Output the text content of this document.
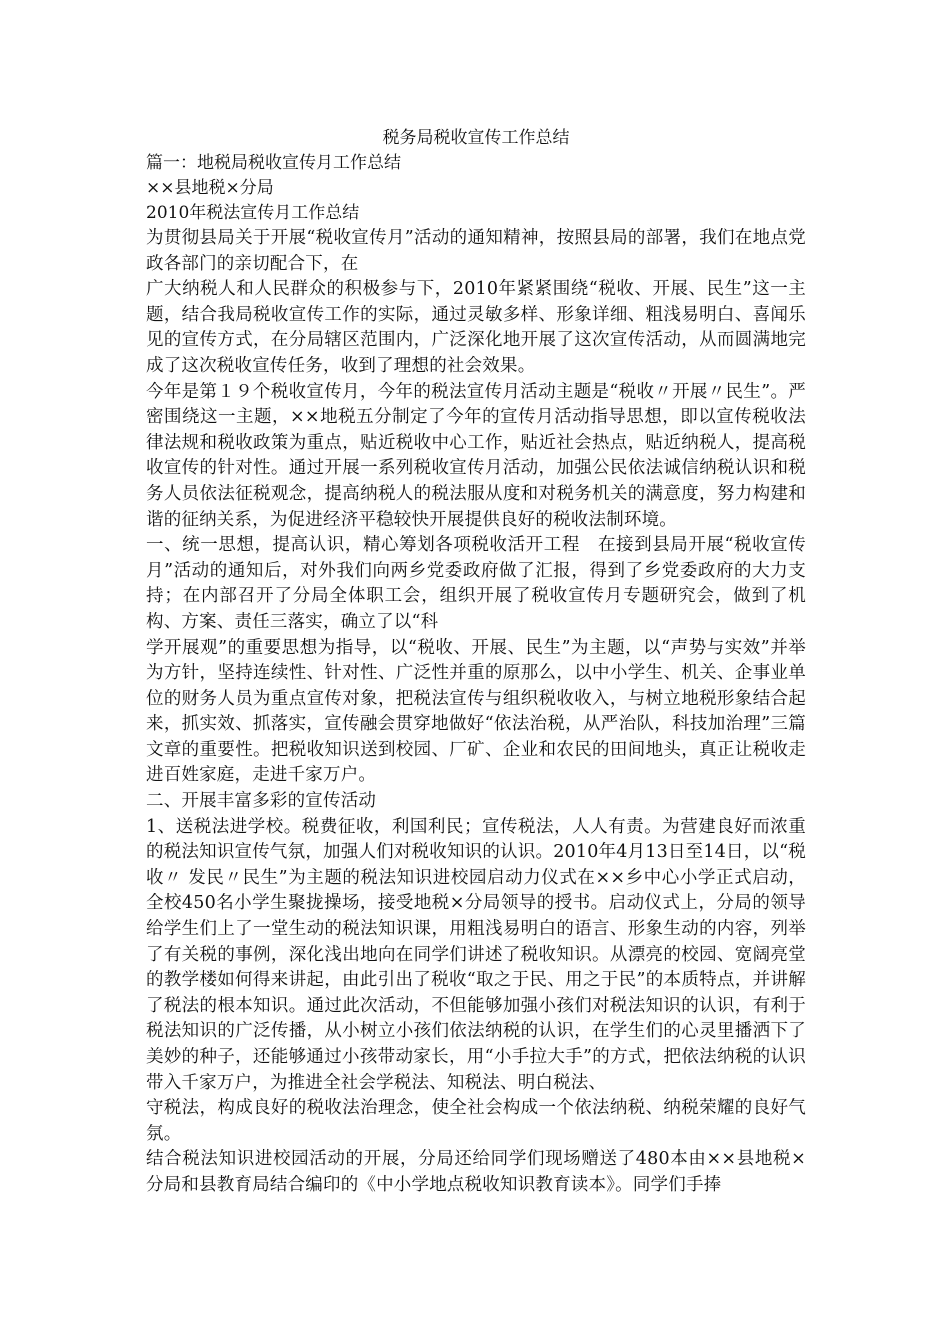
税务局税收宣传工作总结

篇一：地税局税收宣传月工作总结

××县地税×分局

2010年税法宣传月工作总结

为贯彻县局关于开展“税收宣传月”活动的通知精神，按照县局的部署，我们在地点党政各部门的亲切配合下，在

广大纳税人和人民群众的积极参与下，2010年紧紧围绕“税收、开展、民生”这一主题，结合我局税收宣传工作的实际，通过灵敏多样、形象详细、粗浅易明白、喜闻乐见的宣传方式，在分局辖区范围内，广泛深化地开展了这次宣传活动，从而圆满地完成了这次税收宣传任务，收到了理想的社会效果。

今年是第１９个税收宣传月，今年的税法宣传月活动主题是“税收〃开展〃民生”。严密围绕这一主题，××地税五分制定了今年的宣传月活动指导思想，即以宣传税收法律法规和税收政策为重点，贴近税收中心工作，贴近社会热点，贴近纳税人，提高税收宣传的针对性。通过开展一系列税收宣传月活动，加强公民依法诚信纳税认识和税务人员依法征税观念，提高纳税人的税法服从度和对税务机关的满意度，努力构建和谐的征纳关系，为促进经济平稳较快开展提供良好的税收法制环境。

一、统一思想，提高认识，精心筹划各项税收活开工程　在接到县局开展“税收宣传月”活动的通知后，对外我们向两乡党委政府做了汇报，得到了乡党委政府的大力支持；在内部召开了分局全体职工会，组织开展了税收宣传月专题研究会，做到了机构、方案、责任三落实，确立了以“科

学开展观”的重要思想为指导，以“税收、开展、民生”为主题，以“声势与实效”并举为方针，坚持连续性、针对性、广泛性并重的原那么，以中小学生、机关、企事业单位的财务人员为重点宣传对象，把税法宣传与组织税收收入，与树立地税形象结合起来，抓实效、抓落实，宣传融会贯穿地做好“依法治税，从严治队，科技加治理”三篇文章的重要性。把税收知识送到校园、厂矿、企业和农民的田间地头，真正让税收走进百姓家庭，走进千家万户。

二、开展丰富多彩的宣传活动

1、送税法进学校。税费征收，利国利民；宣传税法，人人有责。为营建良好而浓重的税法知识宣传气氛，加强人们对税收知识的认识。2010年4月13日至14日，以“税收〃 发民〃民生”为主题的税法知识进校园启动力仪式在××乡中心小学正式启动，全校450名小学生聚拢操场，接受地税×分局领导的授书。启动仪式上，分局的领导给学生们上了一堂生动的税法知识课，用粗浅易明白的语言、形象生动的内容，列举了有关税的事例，深化浅出地向在同学们讲述了税收知识。从漂亮的校园、宽阔亮堂的教学楼如何得来讲起，由此引出了税收“取之于民、用之于民”的本质特点，并讲解了税法的根本知识。通过此次活动，不但能够加强小孩们对税法知识的认识，有利于税法知识的广泛传播，从小树立小孩们依法纳税的认识，在学生们的心灵里播洒下了美妙的种子，还能够通过小孩带动家长，用“小手拉大手”的方式，把依法纳税的认识带入千家万户，为推进全社会学税法、知税法、明白税法、

守税法，构成良好的税收法治理念，使全社会构成一个依法纳税、纳税荣耀的良好气氛。

结合税法知识进校园活动的开展，分局还给同学们现场赠送了480本由××县地税×分局和县教育局结合编印的《中小学地点税收知识教育读本》。同学们手捧
